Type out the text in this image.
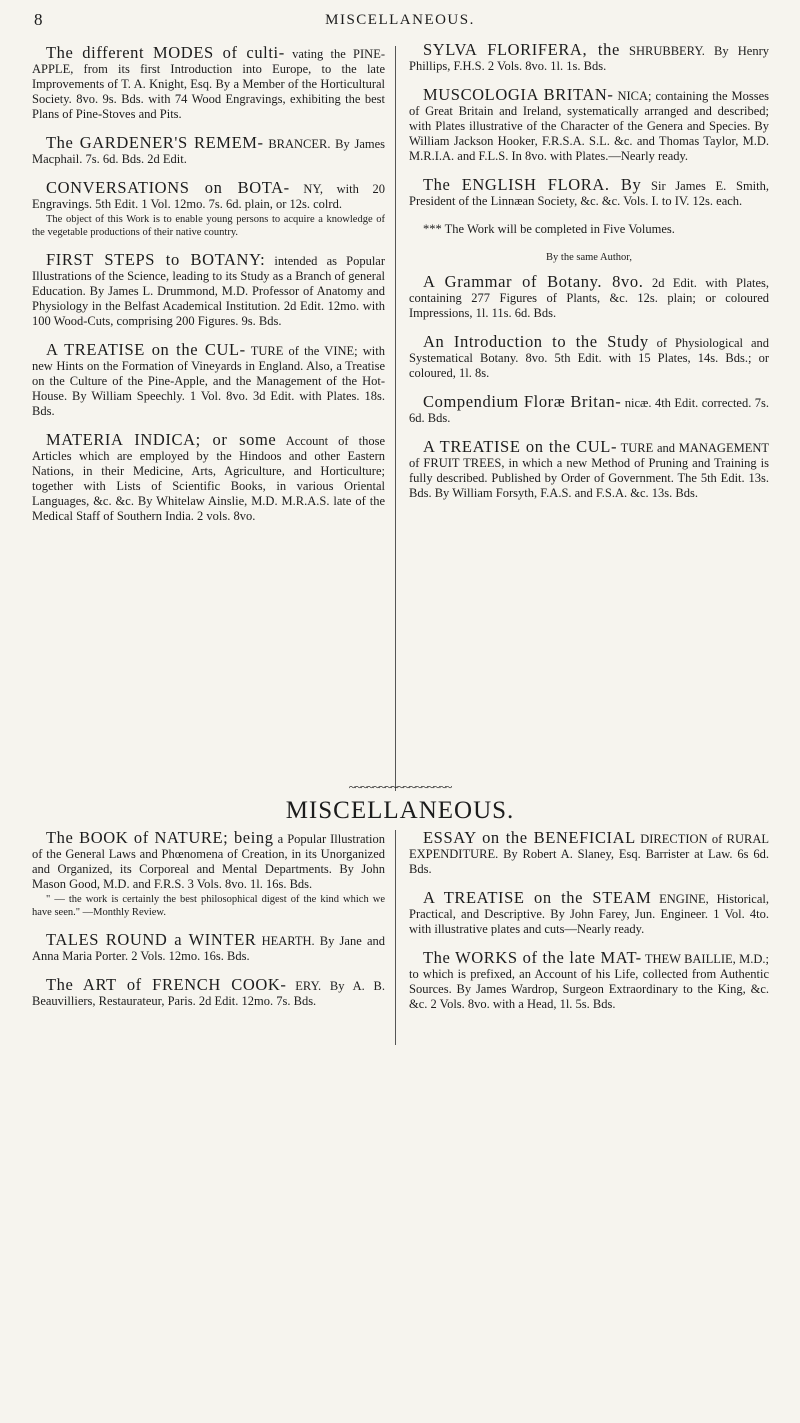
8	MISCELLANEOUS.

The different MODES of culti- vating the PINE-APPLE, from its first Introduction into Europe, to the late Improvements of T. A. Knight, Esq. By a Member of the Horticultural Society. 8vo. 9s. Bds. with 74 Wood Engravings, exhibiting the best Plans of Pine-Stoves and Pits.

The GARDENER'S REMEM- BRANCER. By James Macphail. 7s. 6d. Bds. 2d Edit.

CONVERSATIONS on BOTA- NY, with 20 Engravings. 5th Edit. 1 Vol. 12mo. 7s. 6d. plain, or 12s. colrd.

The object of this Work is to enable young persons to acquire a knowledge of the vegetable productions of their native country.

FIRST STEPS to BOTANY: intended as Popular Illustrations of the Science, leading to its Study as a Branch of general Education. By James L. Drummond, M.D. Professor of Anatomy and Physiology in the Belfast Academical Institution. 2d Edit. 12mo. with 100 Wood-Cuts, comprising 200 Figures. 9s. Bds.

A TREATISE on the CUL- TURE of the VINE; with new Hints on the Formation of Vineyards in England. Also, a Treatise on the Culture of the Pine-Apple, and the Management of the Hot-House. By William Speechly. 1 Vol. 8vo. 3d Edit. with Plates. 18s. Bds.

MATERIA INDICA; or some Account of those Articles which are employed by the Hindoos and other Eastern Nations, in their Medicine, Arts, Agriculture, and Horticulture; together with Lists of Scientific Books, in various Oriental Languages, &c. &c. By Whitelaw Ainslie, M.D. M.R.A.S. late of the Medical Staff of Southern India. 2 vols. 8vo.

SYLVA FLORIFERA, the SHRUBBERY. By Henry Phillips, F.H.S. 2 Vols. 8vo. 1l. 1s. Bds.

MUSCOLOGIA BRITAN- NICA; containing the Mosses of Great Britain and Ireland, systematically arranged and described; with Plates illustrative of the Character of the Genera and Species. By William Jackson Hooker, F.R.S.A. S.L. &c. and Thomas Taylor, M.D. M.R.I.A. and F.L.S. In 8vo. with Plates.—Nearly ready.

The ENGLISH FLORA. By Sir James E. Smith, President of the Linnæan Society, &c. &c. Vols. I. to IV. 12s. each.

*** The Work will be completed in Five Volumes.

By the same Author,

A Grammar of Botany. 8vo. 2d Edit. with Plates, containing 277 Figures of Plants, &c. 12s. plain; or coloured Impressions, 1l. 11s. 6d. Bds.

An Introduction to the Study of Physiological and Systematical Botany. 8vo. 5th Edit. with 15 Plates, 14s. Bds.; or coloured, 1l. 8s.

Compendium Floræ Britan- nicæ. 4th Edit. corrected. 7s. 6d. Bds.

A TREATISE on the CUL- TURE and MANAGEMENT of FRUIT TREES, in which a new Method of Pruning and Training is fully described. Published by Order of Government. The 5th Edit. 13s. Bds. By William Forsyth, F.A.S. and F.S.A. &c. 13s. Bds.

~~~~~~~~~~~~~~~~~
MISCELLANEOUS.

The BOOK of NATURE; being a Popular Illustration of the General Laws and Phœnomena of Creation, in its Unorganized and Organized, its Corporeal and Mental Departments. By John Mason Good, M.D. and F.R.S. 3 Vols. 8vo. 1l. 16s. Bds.

" — the work is certainly the best philosophical digest of the kind which we have seen." —Monthly Review.

TALES ROUND a WINTER HEARTH. By Jane and Anna Maria Porter. 2 Vols. 12mo. 16s. Bds.

The ART of FRENCH COOK- ERY. By A. B. Beauvilliers, Restaurateur, Paris. 2d Edit. 12mo. 7s. Bds.

ESSAY on the BENEFICIAL DIRECTION of RURAL EXPENDITURE. By Robert A. Slaney, Esq. Barrister at Law. 6s 6d. Bds.

A TREATISE on the STEAM ENGINE, Historical, Practical, and Descriptive. By John Farey, Jun. Engineer. 1 Vol. 4to. with illustrative plates and cuts—Nearly ready.

The WORKS of the late MAT- THEW BAILLIE, M.D.; to which is prefixed, an Account of his Life, collected from Authentic Sources. By James Wardrop, Surgeon Extraordinary to the King, &c. &c. 2 Vols. 8vo. with a Head, 1l. 5s. Bds.
